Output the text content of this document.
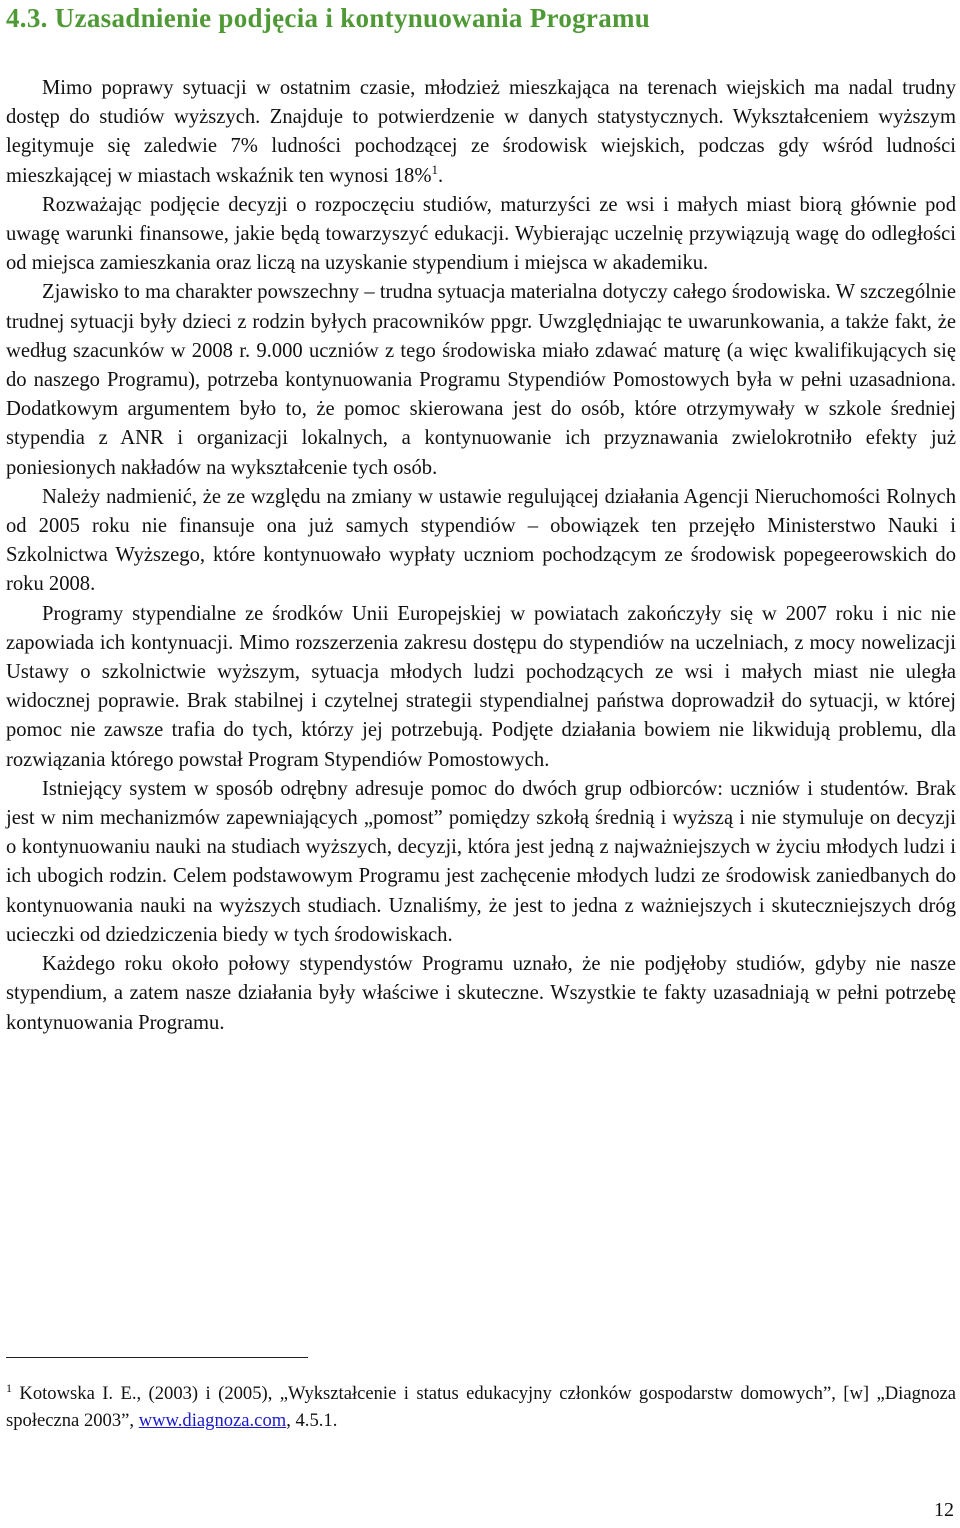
4.3. Uzasadnienie podjęcia i kontynuowania Programu

Mimo poprawy sytuacji w ostatnim czasie, młodzież mieszkająca na terenach wiejskich ma nadal trudny dostęp do studiów wyższych. Znajduje to potwierdzenie w danych statystycznych. Wykształceniem wyższym legitymuje się zaledwie 7% ludności pochodzącej ze środowisk wiejskich, podczas gdy wśród ludności mieszkającej w miastach wskaźnik ten wynosi 18%$^1$.

Rozważając podjęcie decyzji o rozpoczęciu studiów, maturzyści ze wsi i małych miast biorą głównie pod uwagę warunki finansowe, jakie będą towarzyszyć edukacji. Wybierając uczelnię przywiązują wagę do odległości od miejsca zamieszkania oraz liczą na uzyskanie stypendium i miejsca w akademiku.

Zjawisko to ma charakter powszechny – trudna sytuacja materialna dotyczy całego środowiska. W szczególnie trudnej sytuacji były dzieci z rodzin byłych pracowników ppgr. Uwzględniając te uwarunkowania, a także fakt, że według szacunków w 2008 r. 9.000 uczniów z tego środowiska miało zdawać maturę (a więc kwalifikujących się do naszego Programu), potrzeba kontynuowania Programu Stypendiów Pomostowych była w pełni uzasadniona. Dodatkowym argumentem było to, że pomoc skierowana jest do osób, które otrzymywały w szkole średniej stypendia z ANR i organizacji lokalnych, a kontynuowanie ich przyznawania zwielokrotniło efekty już poniesionych nakładów na wykształcenie tych osób.

Należy nadmienić, że ze względu na zmiany w ustawie regulującej działania Agencji Nieruchomości Rolnych od 2005 roku nie finansuje ona już samych stypendiów – obowiązek ten przejęło Ministerstwo Nauki i Szkolnictwa Wyższego, które kontynuowało wypłaty uczniom pochodzącym ze środowisk popegeerowskich do roku 2008.

Programy stypendialne ze środków Unii Europejskiej w powiatach zakończyły się w 2007 roku i nic nie zapowiada ich kontynuacji. Mimo rozszerzenia zakresu dostępu do stypendiów na uczelniach, z mocy nowelizacji Ustawy o szkolnictwie wyższym, sytuacja młodych ludzi pochodzących ze wsi i małych miast nie uległa widocznej poprawie. Brak stabilnej i czytelnej strategii stypendialnej państwa doprowadził do sytuacji, w której pomoc nie zawsze trafia do tych, którzy jej potrzebują. Podjęte działania bowiem nie likwidują problemu, dla rozwiązania którego powstał Program Stypendiów Pomostowych.

Istniejący system w sposób odrębny adresuje pomoc do dwóch grup odbiorców: uczniów i studentów. Brak jest w nim mechanizmów zapewniających „pomost” pomiędzy szkołą średnią i wyższą i nie stymuluje on decyzji o kontynuowaniu nauki na studiach wyższych, decyzji, która jest jedną z najważniejszych w życiu młodych ludzi i ich ubogich rodzin. Celem podstawowym Programu jest zachęcenie młodych ludzi ze środowisk zaniedbanych do kontynuowania nauki na wyższych studiach. Uznaliśmy, że jest to jedna z ważniejszych i skuteczniejszych dróg ucieczki od dziedziczenia biedy w tych środowiskach.

Każdego roku około połowy stypendystów Programu uznało, że nie podjęłoby studiów, gdyby nie nasze stypendium, a zatem nasze działania były właściwe i skuteczne. Wszystkie te fakty uzasadniają w pełni potrzebę kontynuowania Programu.

$^1$ Kotowska I. E., (2003) i (2005), „Wykształcenie i status edukacyjny członków gospodarstw domowych”, [w] „Diagnoza społeczna 2003”, www.diagnoza.com, 4.5.1.
12
